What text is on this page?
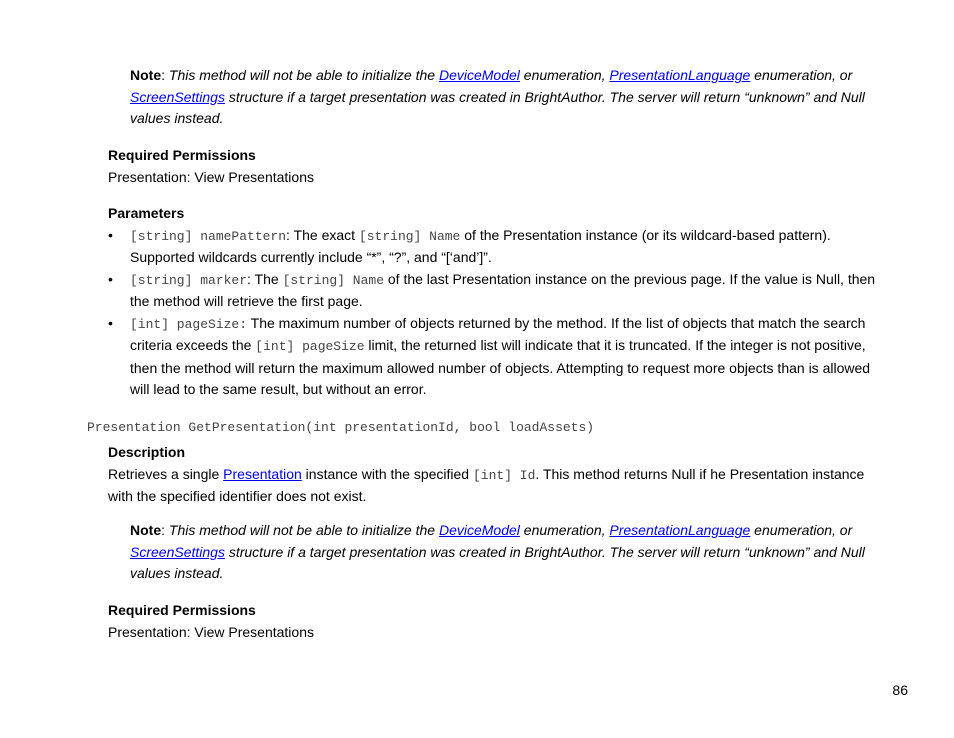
Note: This method will not be able to initialize the DeviceModel enumeration, PresentationLanguage enumeration, or ScreenSettings structure if a target presentation was created in BrightAuthor. The server will return “unknown” and Null values instead.
Required Permissions
Presentation: View Presentations
Parameters
• [string] namePattern: The exact [string] Name of the Presentation instance (or its wildcard-based pattern). Supported wildcards currently include “*”, “?”, and “[‘and’]”.
• [string] marker: The [string] Name of the last Presentation instance on the previous page. If the value is Null, then the method will retrieve the first page.
• [int] pageSize: The maximum number of objects returned by the method. If the list of objects that match the search criteria exceeds the [int] pageSize limit, the returned list will indicate that it is truncated. If the integer is not positive, then the method will return the maximum allowed number of objects. Attempting to request more objects than is allowed will lead to the same result, but without an error.
Presentation GetPresentation(int presentationId, bool loadAssets)
Description
Retrieves a single Presentation instance with the specified [int] Id. This method returns Null if he Presentation instance with the specified identifier does not exist.
Note: This method will not be able to initialize the DeviceModel enumeration, PresentationLanguage enumeration, or ScreenSettings structure if a target presentation was created in BrightAuthor. The server will return “unknown” and Null values instead.
Required Permissions
Presentation: View Presentations
86
